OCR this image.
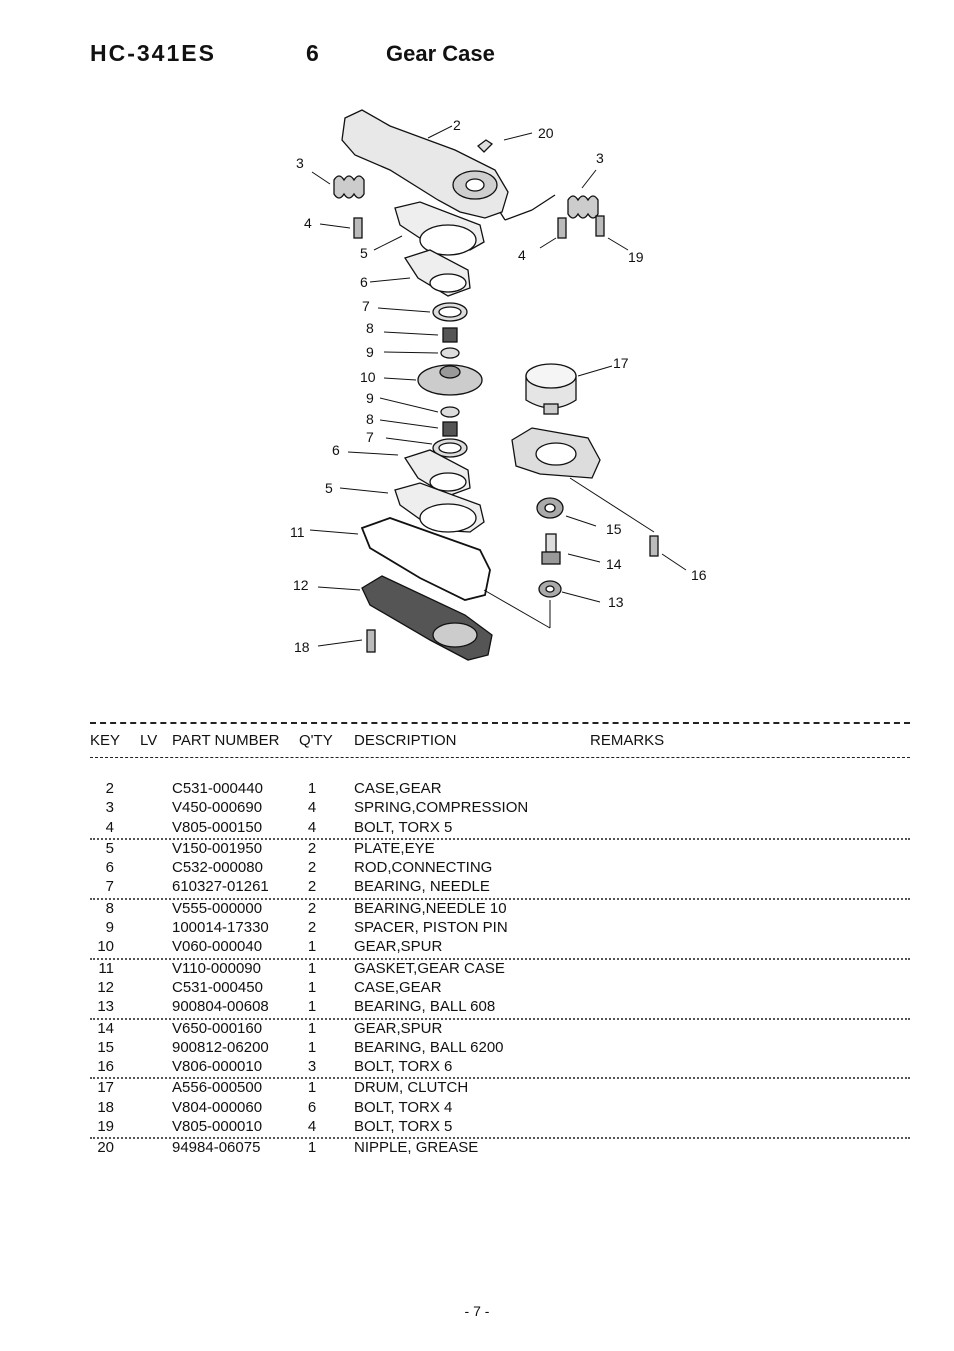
HC-341ES	6	Gear Case
2	20
3	3
4
4	19
5
6
7
8
9
10
9
8
7
6
5
17
15
11
14
16
12
13
18
KEY LV PART NUMBER Q'TY DESCRIPTION	REMARKS
2	C531-000440	1	CASE,GEAR
3	V450-000690	4	SPRING,COMPRESSION
4	V805-000150	4	BOLT, TORX 5
5	V150-001950	2	PLATE,EYE
6	C532-000080	2	ROD,CONNECTING
7	610327-01261	2	BEARING, NEEDLE
8	V555-000000	2	BEARING,NEEDLE 10
9	100014-17330	2	SPACER, PISTON PIN
10	V060-000040	1	GEAR,SPUR
11	V110-000090	1	GASKET,GEAR CASE
12	C531-000450	1	CASE,GEAR
13	900804-00608	1	BEARING, BALL 608
14	V650-000160	1	GEAR,SPUR
15	900812-06200	1	BEARING, BALL 6200
16	V806-000010	3	BOLT, TORX 6
17	A556-000500	1	DRUM, CLUTCH
18	V804-000060	6	BOLT, TORX 4
19	V805-000010	4	BOLT, TORX 5
20	94984-06075	1	NIPPLE, GREASE
- 7 -
